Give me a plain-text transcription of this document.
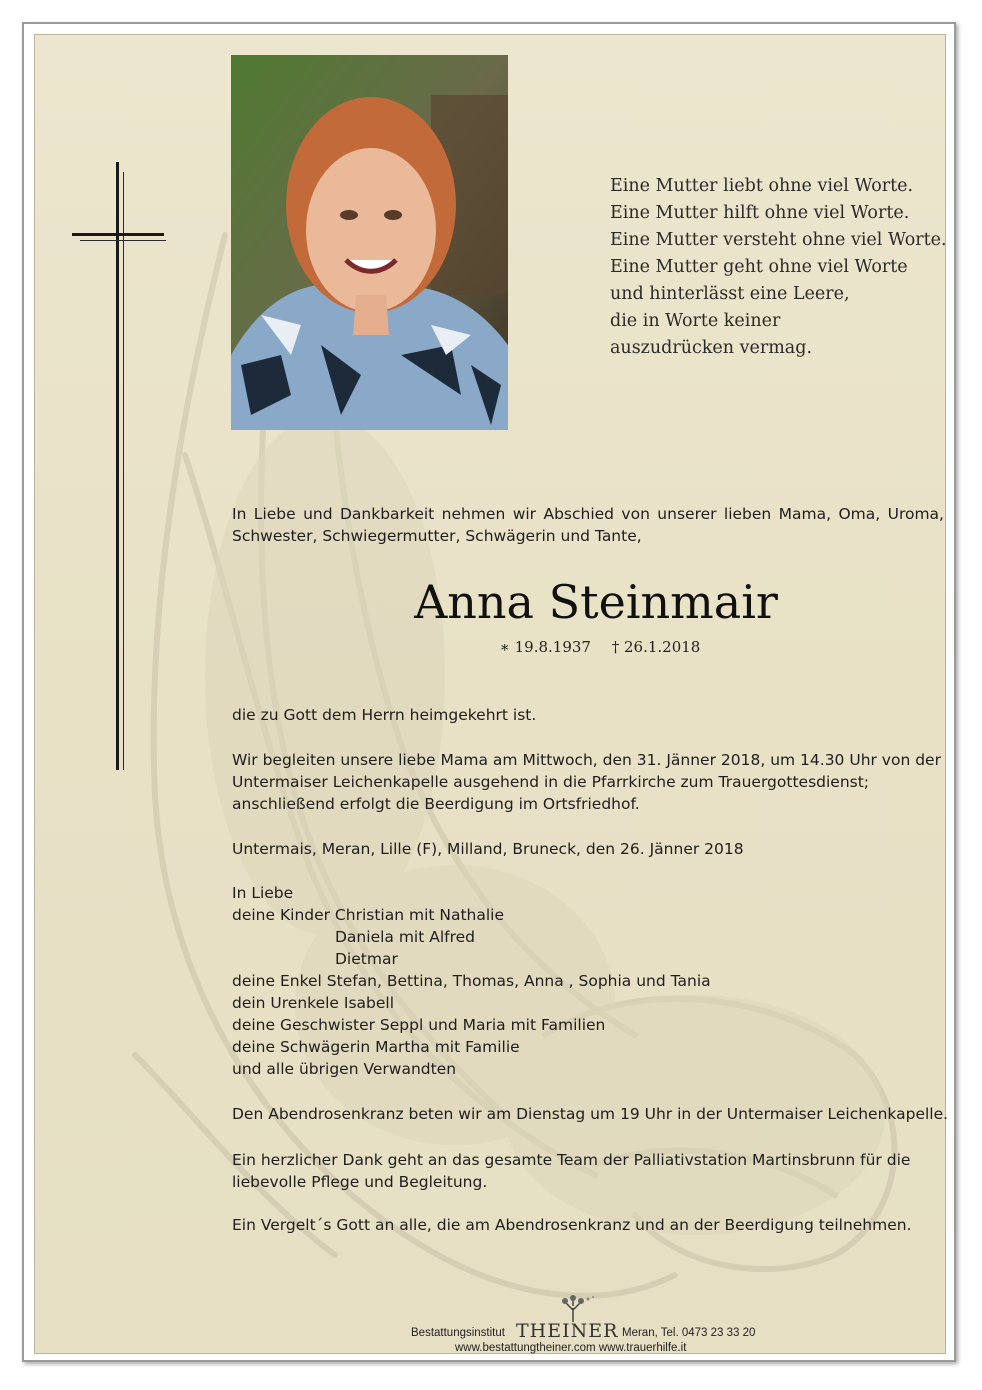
Eine Mutter liebt ohne viel Worte.
Eine Mutter hilft ohne viel Worte.
Eine Mutter versteht ohne viel Worte.
Eine Mutter geht ohne viel Worte
und hinterlässt eine Leere,
die in Worte keiner
auszudrücken vermag.
In Liebe und Dankbarkeit nehmen wir Abschied von unserer lieben Mama, Oma, Uroma, Schwester, Schwiegermutter, Schwägerin und Tante,
Anna Steinmair
∗ 19.8.1937 † 26.1.2018
die zu Gott dem Herrn heimgekehrt ist.
Wir begleiten unsere liebe Mama am Mittwoch, den 31. Jänner 2018, um 14.30 Uhr von der
Untermaiser Leichenkapelle ausgehend in die Pfarrkirche zum Trauergottesdienst;
anschließend erfolgt die Beerdigung im Ortsfriedhof.
Untermais, Meran, Lille (F), Milland, Bruneck, den 26. Jänner 2018
In Liebe
deine Kinder Christian mit Nathalie
Daniela mit Alfred
Dietmar
deine Enkel Stefan, Bettina, Thomas, Anna , Sophia und Tania
dein Urenkele Isabell
deine Geschwister Seppl und Maria mit Familien
deine Schwägerin Martha mit Familie
und alle übrigen Verwandten
Den Abendrosenkranz beten wir am Dienstag um 19 Uhr in der Untermaiser Leichenkapelle.
Ein herzlicher Dank geht an das gesamte Team der Palliativstation Martinsbrunn für die
liebevolle Pflege und Begleitung.
Ein Vergelt´s Gott an alle, die am Abendrosenkranz und an der Beerdigung teilnehmen.
Bestattungsinstitut THEINER Meran, Tel. 0473 23 33 20
www.bestattungtheiner.com www.trauerhilfe.it
